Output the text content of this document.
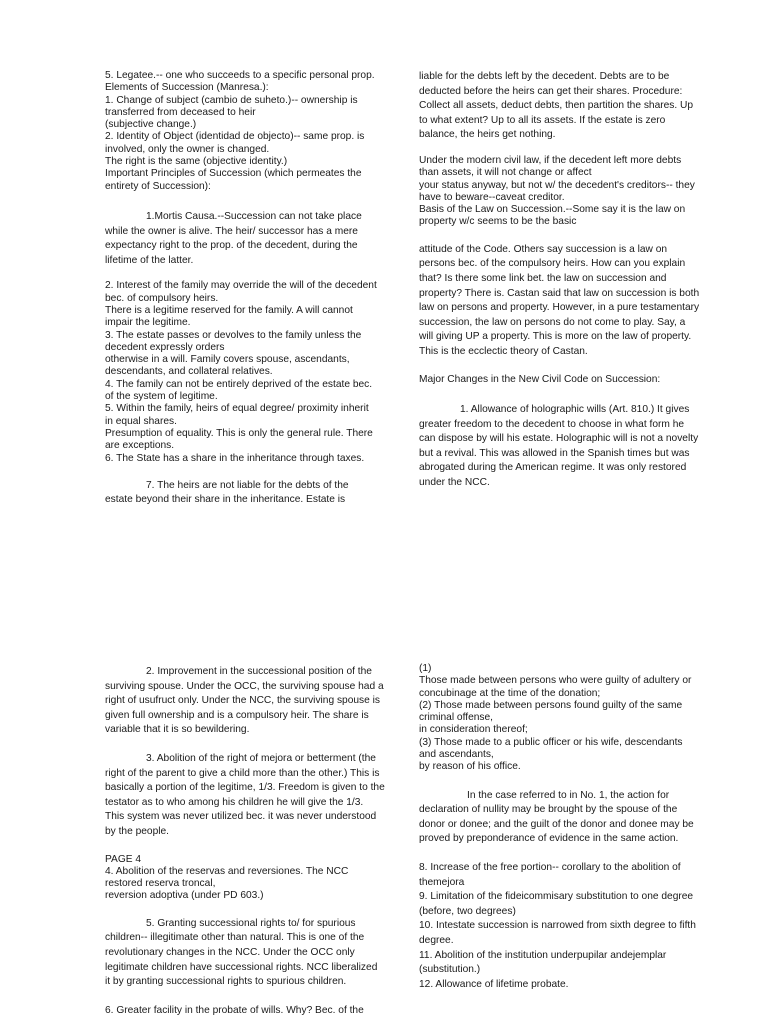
5. Legatee.-- one who succeeds to a specific personal prop.

Elements of Succession (Manresa.):

1. Change of subject (cambio de suheto.)-- ownership is transferred from deceased to heir

(subjective change.)

2. Identity of Object (identidad de objecto)-- same prop. is involved, only the owner is changed.

The right is the same (objective identity.)

Important Principles of Succession (which permeates the entirety of Succession):

1.Mortis Causa.--Succession can not take place while the owner is alive. The heir/ successor has a mere expectancy right to the prop. of the decedent, during the lifetime of the latter.

2. Interest of the family may override the will of the decedent bec. of compulsory heirs.

There is a legitime reserved for the family. A will cannot impair the legitime.

3. The estate passes or devolves to the family unless the decedent expressly orders

otherwise in a will. Family covers spouse, ascendants, descendants, and collateral relatives.

4. The family can not be entirely deprived of the estate bec. of the system of legitime.

5. Within the family, heirs of equal degree/ proximity inherit in equal shares.

Presumption of equality. This is only the general rule. There are exceptions.

6. The State has a share in the inheritance through taxes.

7. The heirs are not liable for the debts of the estate beyond their share in the inheritance. Estate is

liable for the debts left by the decedent. Debts are to be deducted before the heirs can get their shares. Procedure: Collect all assets, deduct debts, then partition the shares. Up to what extent? Up to all its assets. If the estate is zero balance, the heirs get nothing.

Under the modern civil law, if the decedent left more debts than assets, it will not change or affect

your status anyway, but not w/ the decedent's creditors-- they have to beware--caveat creditor.

Basis of the Law on Succession.--Some say it is the law on property w/c seems to be the basic

attitude of the Code. Others say succession is a law on persons bec. of the compulsory heirs. How can you explain that? Is there some link bet. the law on succession and property? There is. Castan said that law on succession is both law on persons and property. However, in a pure testamentary succession, the law on persons do not come to play. Say, a will giving UP a property. This is more on the law of property. This is the ecclectic theory of Castan.

Major Changes in the New Civil Code on Succession:

1. Allowance of holographic wills (Art. 810.) It gives greater freedom to the decedent to choose in what form he can dispose by will his estate. Holographic will is not a novelty but a revival. This was allowed in the Spanish times but was abrogated during the American regime. It was only restored under the NCC.

2. Improvement in the successional position of the surviving spouse. Under the OCC, the surviving spouse had a right of usufruct only. Under the NCC, the surviving spouse is given full ownership and is a compulsory heir. The share is variable that it is so bewildering.

3. Abolition of the right of mejora or betterment (the right of the parent to give a child more than the other.) This is basically a portion of the legitime, 1/3. Freedom is given to the testator as to who among his children he will give the 1/3. This system was never utilized bec. it was never understood by the people.

PAGE 4

4. Abolition of the reservas and reversiones. The NCC restored reserva troncal,

reversion adoptiva (under PD 603.)

5. Granting successional rights to/ for spurious children-- illegitimate other than natural. This is one of the revolutionary changes in the NCC. Under the OCC only legitimate children have successional rights. NCC liberalized it by granting successional rights to spurious children.

6. Greater facility in the probate of wills. Why? Bec. of the

(1)

Those made between persons who were guilty of adultery or

concubinage at the time of the donation;

(2) Those made between persons found guilty of the same criminal offense,

in consideration thereof;

(3) Those made to a public officer or his wife, descendants and ascendants,

by reason of his office.

In the case referred to in No. 1, the action for declaration of nullity may be brought by the spouse of the donor or donee; and the guilt of the donor and donee may be proved by preponderance of evidence in the same action.

8. Increase of the free portion-- corollary to the abolition of themejora

9. Limitation of the fideicommisary substitution to one degree (before, two degrees)

10. Intestate succession is narrowed from sixth degree to fifth degree.

11. Abolition of the institution underpupilar andejemplar (substitution.)

12. Allowance of lifetime probate.
